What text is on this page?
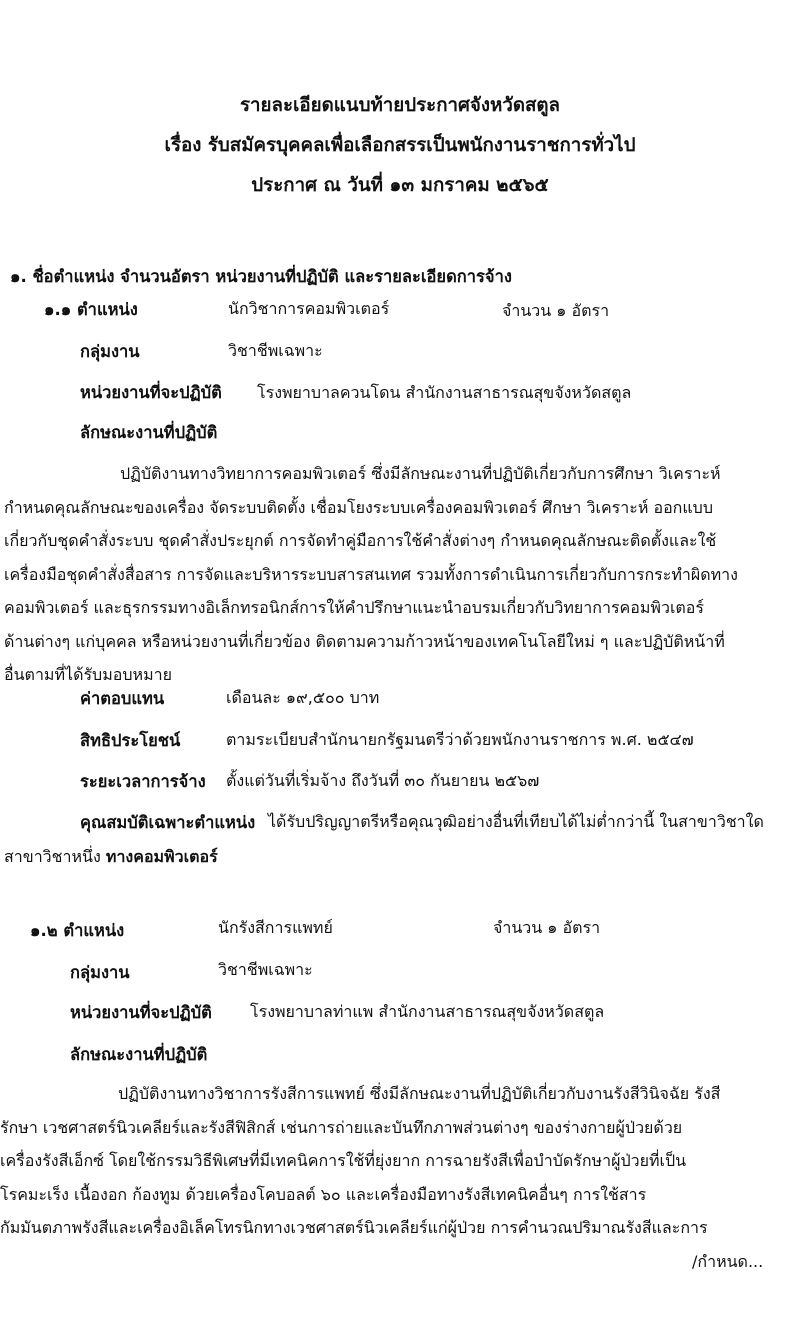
รายละเอียดแนบท้ายประกาศจังหวัดสตูล
เรื่อง รับสมัครบุคคลเพื่อเลือกสรรเป็นพนักงานราชการทั่วไป
ประกาศ ณ วันที่ ๑๓ มกราคม ๒๕๖๕
๑. ชื่อตำแหน่ง จำนวนอัตรา หน่วยงานที่ปฏิบัติ และรายละเอียดการจ้าง
๑.๑ ตำแหน่ง	นักวิชาการคอมพิวเตอร์	จำนวน ๑ อัตรา
กลุ่มงาน	วิชาชีพเฉพาะ
หน่วยงานที่จะปฏิบัติ โรงพยาบาลควนโดน สำนักงานสาธารณสุขจังหวัดสตูล
ลักษณะงานที่ปฏิบัติ
ปฏิบัติงานทางวิทยาการคอมพิวเตอร์ ซึ่งมีลักษณะงานที่ปฏิบัติเกี่ยวกับการศึกษา วิเคราะห์
กำหนดคุณลักษณะของเครื่อง จัดระบบติดตั้ง เชื่อมโยงระบบเครื่องคอมพิวเตอร์ ศึกษา วิเคราะห์ ออกแบบ
เกี่ยวกับชุดคำสั่งระบบ ชุดคำสั่งประยุกต์ การจัดทำคู่มือการใช้คำสั่งต่างๆ กำหนดคุณลักษณะติดตั้งและใช้
เครื่องมือชุดคำสั่งสื่อสาร การจัดและบริหารระบบสารสนเทศ รวมทั้งการดำเนินการเกี่ยวกับการกระทำผิดทาง
คอมพิวเตอร์ และธุรกรรมทางอิเล็กทรอนิกส์การให้คำปรึกษาแนะนำอบรมเกี่ยวกับวิทยาการคอมพิวเตอร์
ด้านต่างๆ แก่บุคคล หรือหน่วยงานที่เกี่ยวข้อง ติดตามความก้าวหน้าของเทคโนโลยีใหม่ ๆ และปฏิบัติหน้าที่
อื่นตามที่ได้รับมอบหมาย
ค่าตอบแทน	เดือนละ ๑๙,๕๐๐ บาท
สิทธิประโยชน์	ตามระเบียบสำนักนายกรัฐมนตรีว่าด้วยพนักงานราชการ พ.ศ. ๒๕๔๗
ระยะเวลาการจ้าง ตั้งแต่วันที่เริ่มจ้าง ถึงวันที่ ๓๐ กันยายน ๒๕๖๗
คุณสมบัติเฉพาะตำแหน่ง ได้รับปริญญาตรีหรือคุณวุฒิอย่างอื่นที่เทียบได้ไม่ต่ำกว่านี้ ในสาขาวิชาใด
สาขาวิชาหนึ่ง ทางคอมพิวเตอร์
๑.๒ ตำแหน่ง	นักรังสีการแพทย์	จำนวน ๑ อัตรา
กลุ่มงาน	วิชาชีพเฉพาะ
หน่วยงานที่จะปฏิบัติ โรงพยาบาลท่าแพ สำนักงานสาธารณสุขจังหวัดสตูล
ลักษณะงานที่ปฏิบัติ
ปฏิบัติงานทางวิชาการรังสีการแพทย์ ซึ่งมีลักษณะงานที่ปฏิบัติเกี่ยวกับงานรังสีวินิจฉัย รังสี
รักษา เวชศาสตร์นิวเคลียร์และรังสีฟิสิกส์ เช่นการถ่ายและบันทึกภาพส่วนต่างๆ ของร่างกายผู้ป่วยด้วย
เครื่องรังสีเอ็กซ์ โดยใช้กรรมวิธีพิเศษที่มีเทคนิคการใช้ที่ยุ่งยาก การฉายรังสีเพื่อบำบัดรักษาผู้ป่วยที่เป็น
โรคมะเร็ง เนื้องอก ก้องทูม ด้วยเครื่องโคบอลต์ ๖๐ และเครื่องมือทางรังสีเทคนิคอื่นๆ การใช้สาร
กัมมันตภาพรังสีและเครื่องอิเล็คโทรนิกทางเวชศาสตร์นิวเคลียร์แก่ผู้ป่วย การคำนวณปริมาณรังสีและการ
/กำหนด...
